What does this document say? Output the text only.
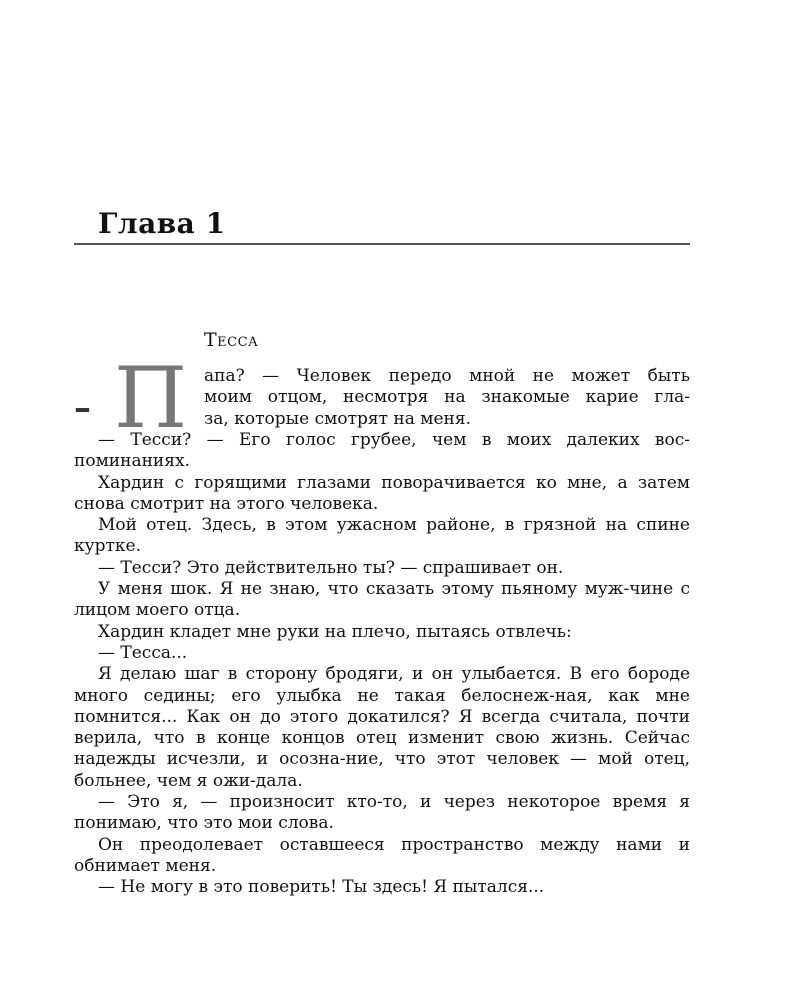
Глава 1
Тесса
– П апа? — Человек передо мной не может быть
моим отцом, несмотря на знакомые карие гла-
за, которые смотрят на меня.

— Тесси? — Его голос грубее, чем в моих далеких вос-поминаниях.

Хардин с горящими глазами поворачивается ко мне, а затем снова смотрит на этого человека.

Мой отец. Здесь, в этом ужасном районе, в грязной на спине куртке.

— Тесси? Это действительно ты? — спрашивает он.

У меня шок. Я не знаю, что сказать этому пьяному муж-чине с лицом моего отца.

Хардин кладет мне руки на плечо, пытаясь отвлечь:

— Тесса...

Я делаю шаг в сторону бродяги, и он улыбается. В его бороде много седины; его улыбка не такая белоснеж-ная, как мне помнится... Как он до этого докатился? Я всегда считала, почти верила, что в конце концов отец изменит свою жизнь. Сейчас надежды исчезли, и осозна-ние, что этот человек — мой отец, больнее, чем я ожи-дала.

— Это я, — произносит кто-то, и через некоторое время я понимаю, что это мои слова.

Он преодолевает оставшееся пространство между нами и обнимает меня.

— Не могу в это поверить! Ты здесь! Я пытался...
